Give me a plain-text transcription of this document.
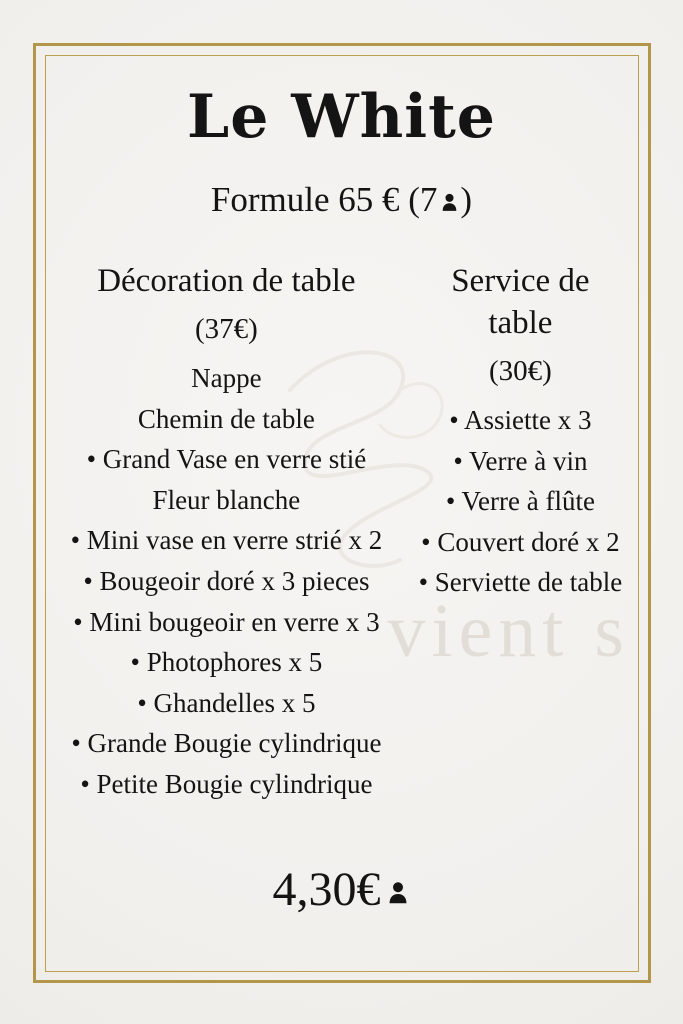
vient s
Le White
Formule 65 € (7 )
Décoration de table
(37€)
Nappe
Chemin de table
• Grand Vase en verre stié
Fleur blanche
• Mini vase en verre strié x 2
• Bougeoir doré x 3 pieces
• Mini bougeoir en verre x 3
• Photophores x 5
• Ghandelles x 5
• Grande Bougie cylindrique
• Petite Bougie cylindrique
Service de table
(30€)
• Assiette x 3
• Verre à vin
• Verre à flûte
• Couvert doré x 2
• Serviette de table
4,30€
